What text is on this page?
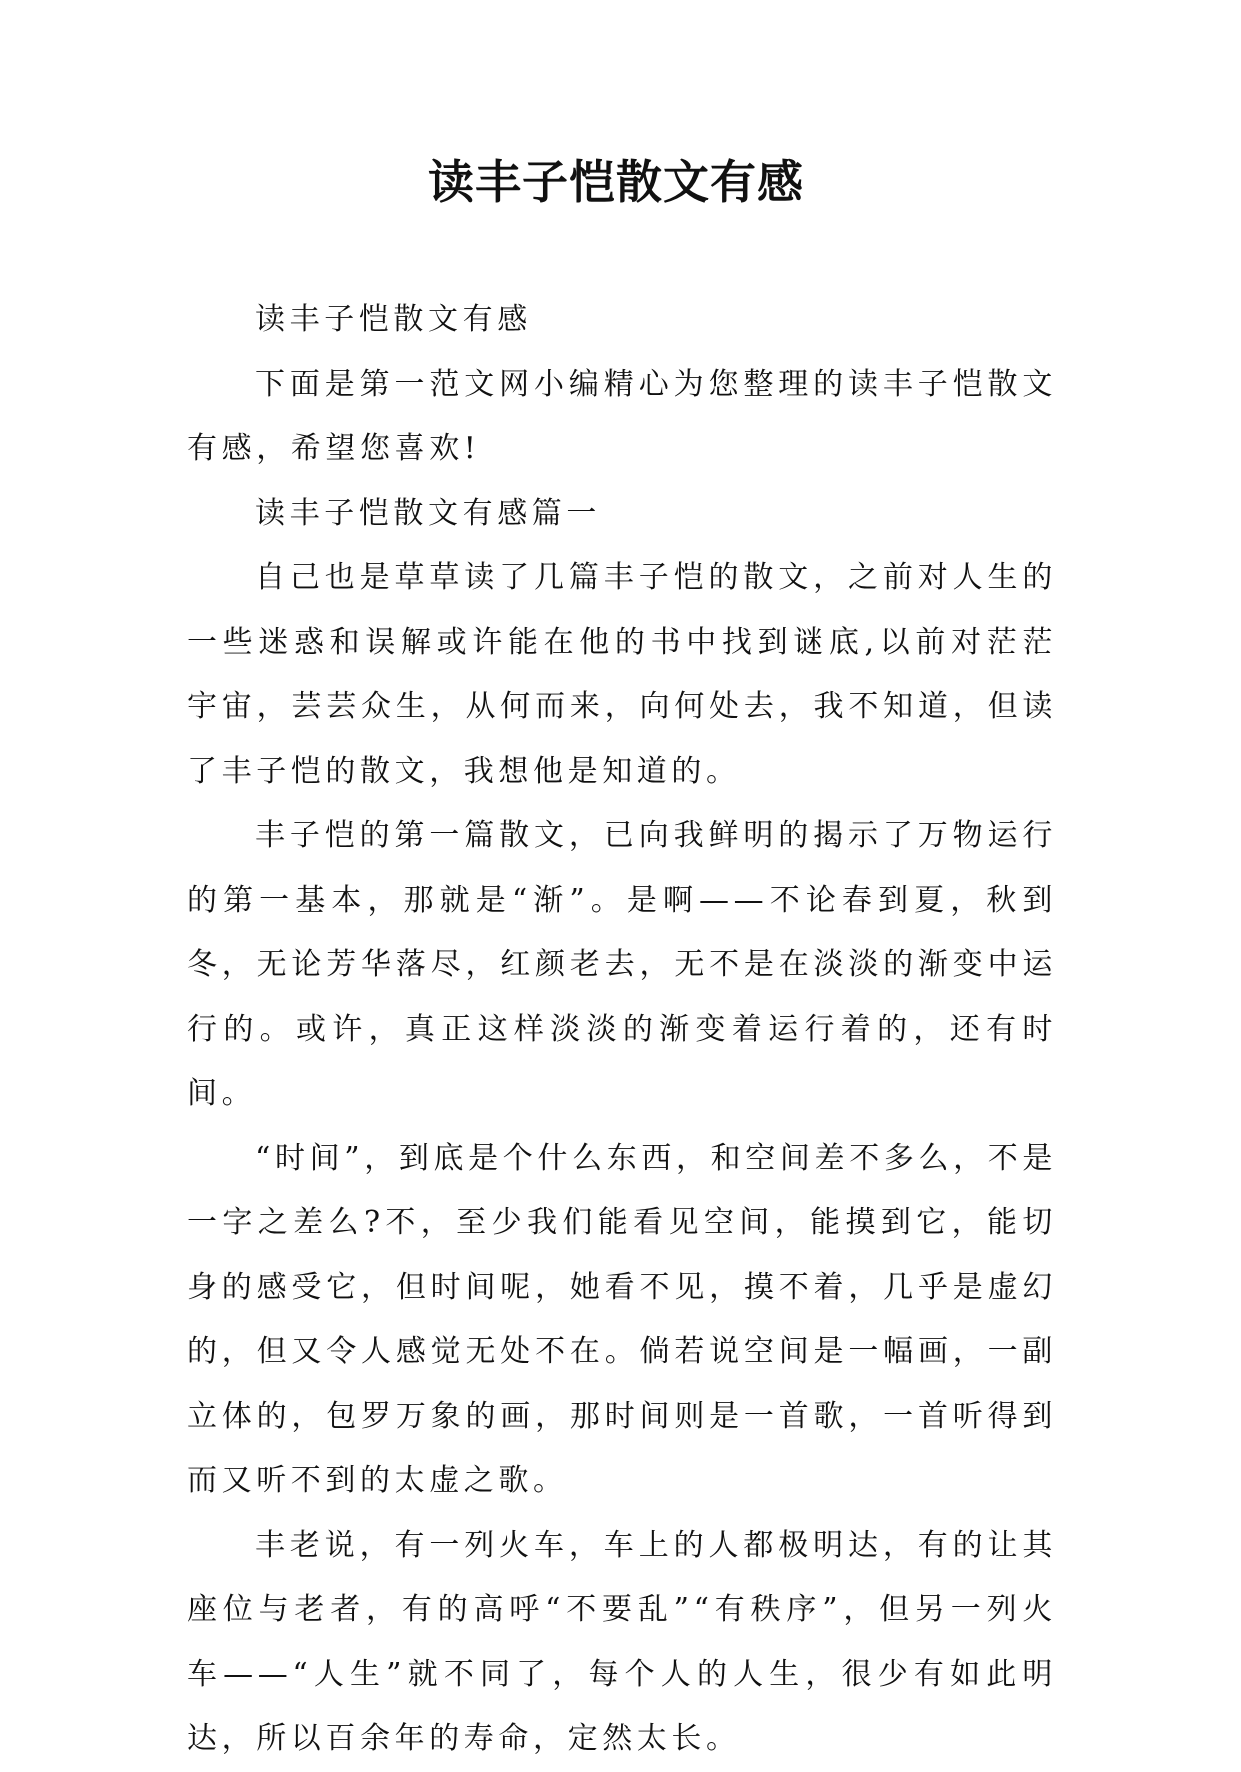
读丰子恺散文有感

读丰子恺散文有感

下面是第一范文网小编精心为您整理的读丰子恺散文有感，希望您喜欢!

读丰子恺散文有感篇一

自己也是草草读了几篇丰子恺的散文，之前对人生的一些迷惑和误解或许能在他的书中找到谜底,以前对茫茫宇宙，芸芸众生，从何而来，向何处去，我不知道，但读了丰子恺的散文，我想他是知道的。

丰子恺的第一篇散文，已向我鲜明的揭示了万物运行的第一基本，那就是“渐”。是啊——不论春到夏，秋到冬，无论芳华落尽，红颜老去，无不是在淡淡的渐变中运行的。或许，真正这样淡淡的渐变着运行着的，还有时间。

“时间”，到底是个什么东西，和空间差不多么，不是一字之差么?不，至少我们能看见空间，能摸到它，能切身的感受它，但时间呢，她看不见，摸不着，几乎是虚幻的，但又令人感觉无处不在。倘若说空间是一幅画，一副立体的，包罗万象的画，那时间则是一首歌，一首听得到而又听不到的太虚之歌。

丰老说，有一列火车，车上的人都极明达，有的让其座位与老者，有的高呼“不要乱”“有秩序”，但另一列火车——“人生”就不同了，每个人的人生，很少有如此明达，所以百余年的寿命，定然太长。
